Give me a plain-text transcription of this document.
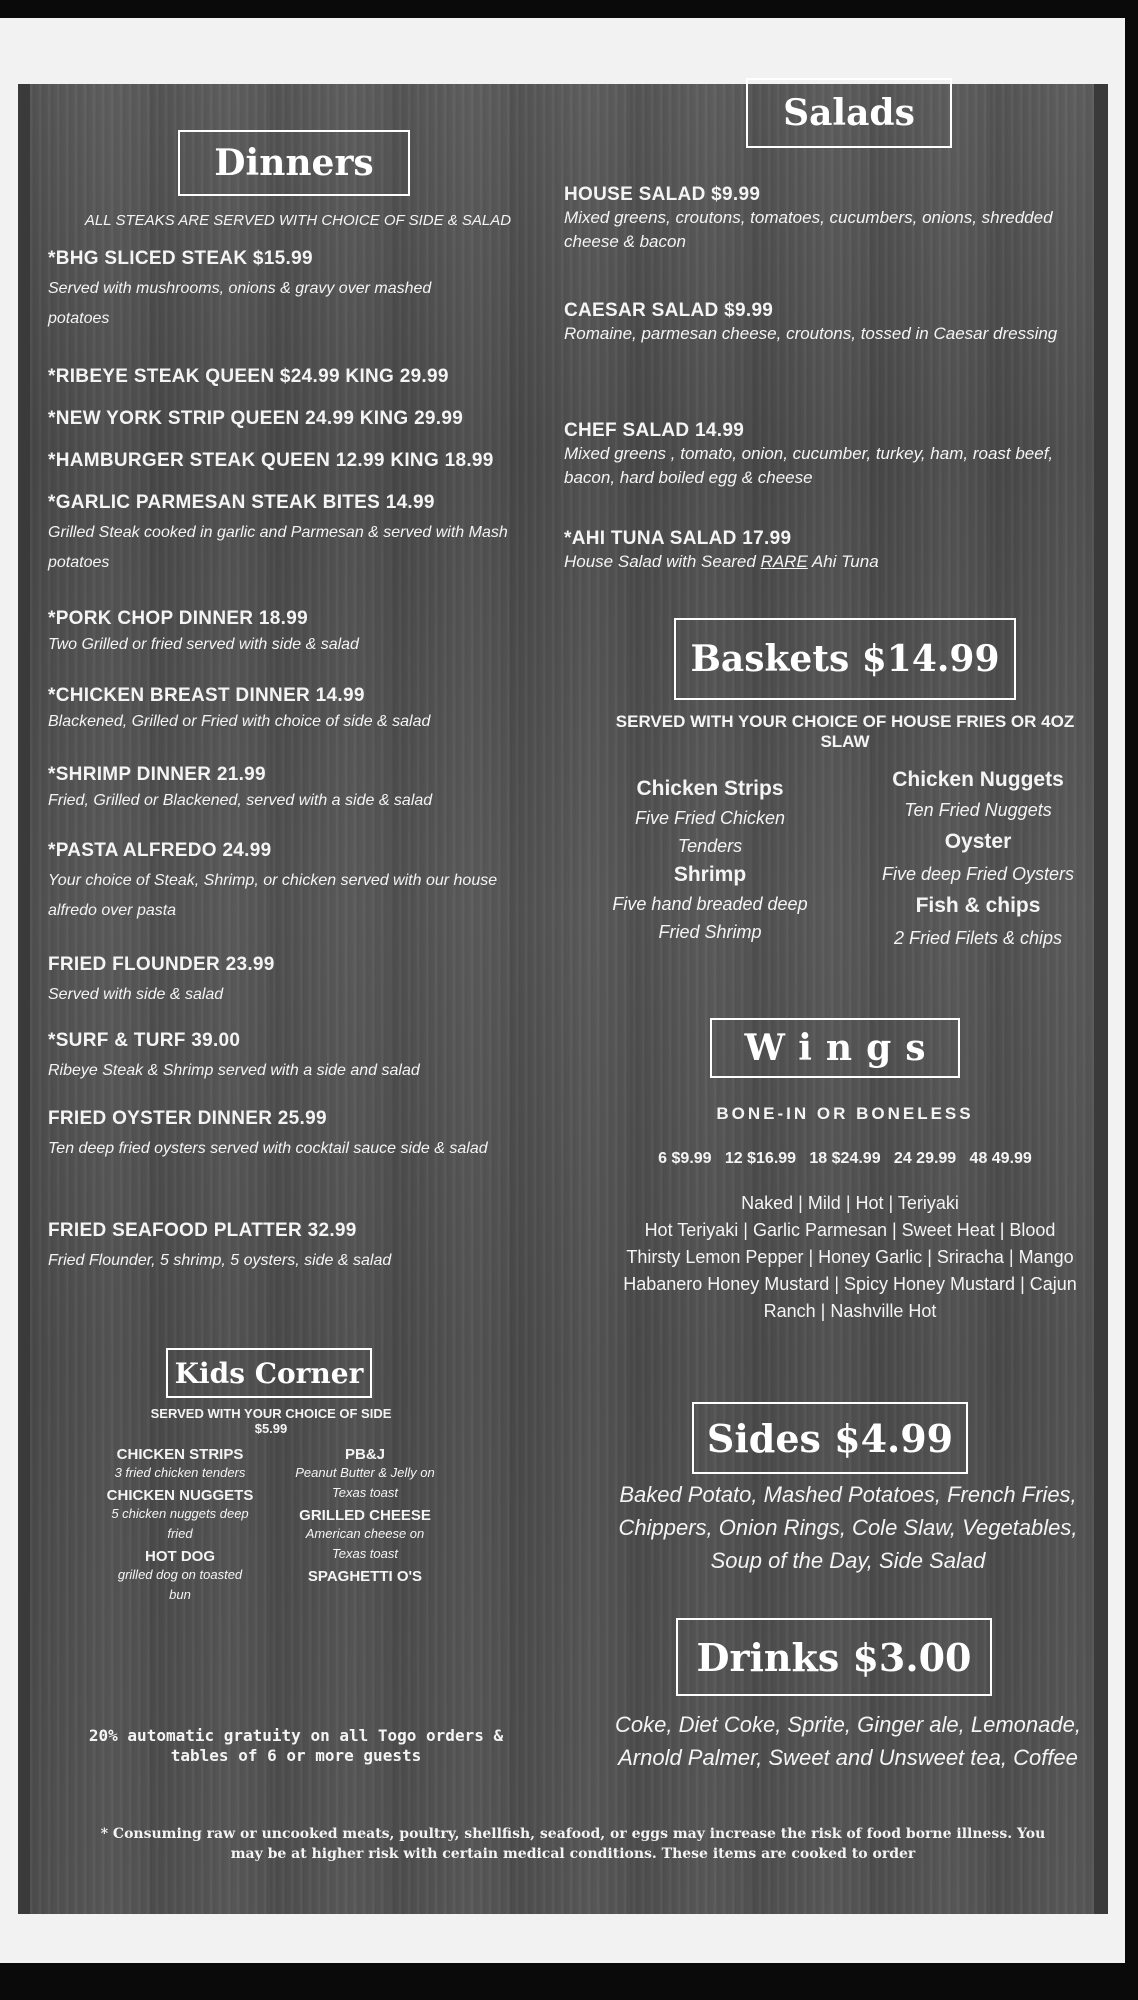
Dinners
ALL STEAKS ARE SERVED WITH CHOICE OF SIDE & SALAD
*BHG SLICED STEAK $15.99
Served with mushrooms, onions & gravy over mashed potatoes
*RIBEYE STEAK QUEEN $24.99 KING 29.99
*NEW YORK STRIP QUEEN 24.99 KING 29.99
*HAMBURGER STEAK QUEEN 12.99 KING 18.99
*GARLIC PARMESAN STEAK BITES 14.99
Grilled Steak cooked in garlic and Parmesan & served with Mash potatoes
*PORK CHOP DINNER 18.99
Two Grilled or fried served with side & salad
*CHICKEN BREAST DINNER 14.99
Blackened, Grilled or Fried with choice of side & salad
*SHRIMP DINNER 21.99
Fried, Grilled or Blackened, served with a side & salad
*PASTA ALFREDO 24.99
Your choice of Steak, Shrimp, or chicken served with our house alfredo over pasta
FRIED FLOUNDER 23.99
Served with side & salad
*SURF & TURF 39.00
Ribeye Steak & Shrimp served with a side and salad
FRIED OYSTER DINNER 25.99
Ten deep fried oysters served with cocktail sauce side & salad
FRIED SEAFOOD PLATTER 32.99
Fried Flounder, 5 shrimp, 5 oysters, side & salad
Kids Corner
SERVED WITH YOUR CHOICE OF SIDE
$5.99
CHICKEN STRIPS
3 fried chicken tenders
CHICKEN NUGGETS
5 chicken nuggets deep fried
HOT DOG
grilled dog on toasted bun
PB&J
Peanut Butter & Jelly on Texas toast
GRILLED CHEESE
American cheese on Texas toast
SPAGHETTI O'S
20% automatic gratuity on all Togo orders & tables of 6 or more guests
Salads
HOUSE SALAD $9.99
Mixed greens, croutons, tomatoes, cucumbers, onions, shredded cheese & bacon
CAESAR SALAD $9.99
Romaine, parmesan cheese, croutons, tossed in Caesar dressing
CHEF SALAD 14.99
Mixed greens , tomato, onion, cucumber, turkey, ham, roast beef, bacon, hard boiled egg & cheese
*AHI TUNA SALAD 17.99
House Salad with Seared RARE Ahi Tuna
Baskets $14.99
SERVED WITH YOUR CHOICE OF HOUSE FRIES OR 4OZ SLAW
Chicken Strips
Five Fried Chicken
Tenders
Shrimp
Five hand breaded deep
Fried Shrimp
Chicken Nuggets
Ten Fried Nuggets
Oyster
Five deep Fried Oysters
Fish & chips
2 Fried Filets & chips
Wings
BONE-IN OR BONELESS
6 $9.99   12 $16.99   18 $24.99   24 29.99   48 49.99
Naked | Mild | Hot | Teriyaki
Hot Teriyaki | Garlic Parmesan | Sweet Heat | Blood
Thirsty Lemon Pepper | Honey Garlic | Sriracha | Mango
Habanero Honey Mustard | Spicy Honey Mustard | Cajun
Ranch | Nashville Hot
Sides $4.99
Baked Potato, Mashed Potatoes, French Fries,
Chippers, Onion Rings, Cole Slaw, Vegetables,
Soup of the Day, Side Salad
Drinks $3.00
Coke, Diet Coke, Sprite, Ginger ale, Lemonade,
Arnold Palmer, Sweet and Unsweet tea, Coffee
* Consuming raw or uncooked meats, poultry, shellfish, seafood, or eggs may increase the risk of food borne illness. You
may be at higher risk with certain medical conditions. These items are cooked to order
